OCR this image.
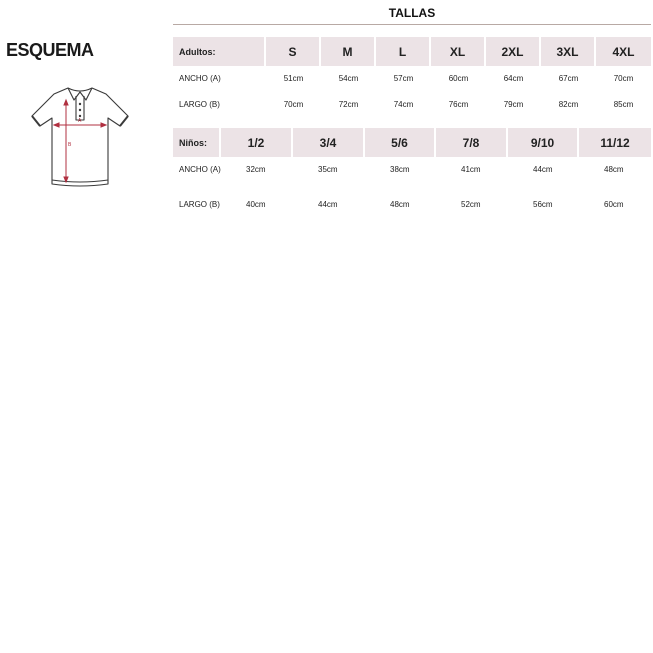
ESQUEMA
A
B
TALLAS
Adultos:	S	M	L	XL	2XL	3XL	4XL
ANCHO (A)	51cm	54cm	57cm	60cm	64cm	67cm	70cm
LARGO (B)	70cm	72cm	74cm	76cm	79cm	82cm	85cm
Niños:	1/2	3/4	5/6	7/8	9/10	11/12
ANCHO (A)	32cm	35cm	38cm	41cm	44cm	48cm
LARGO (B)	40cm	44cm	48cm	52cm	56cm	60cm
